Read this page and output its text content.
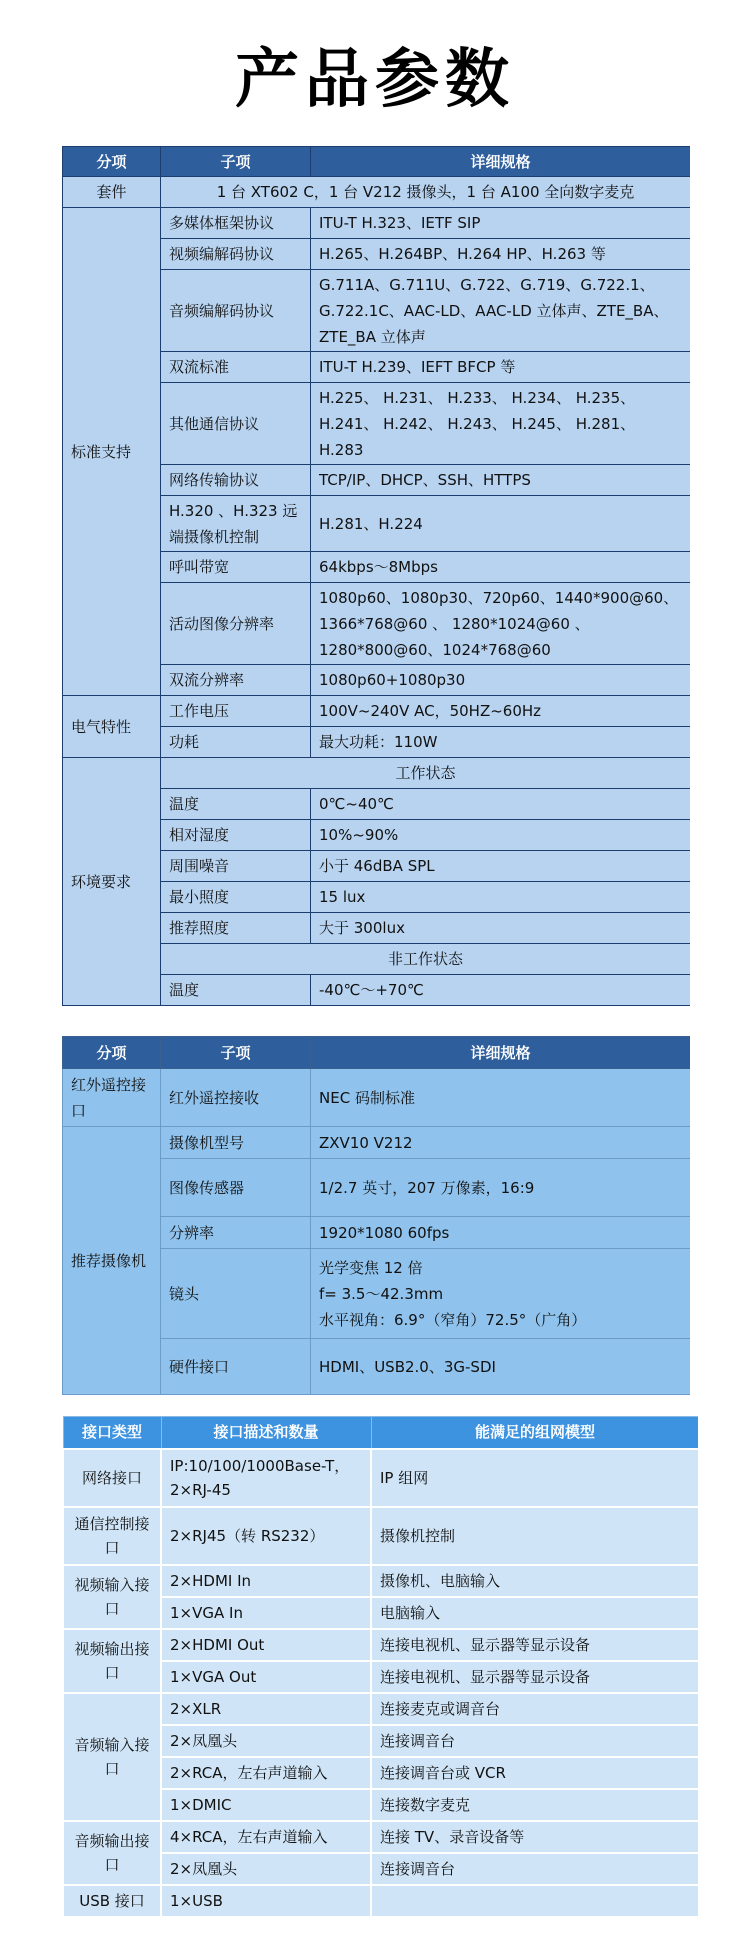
产品参数
分项	子项	详细规格
套件	1 台 XT602 C，1 台 V212 摄像头，1 台 A100 全向数字麦克	
标准支持	多媒体框架协议	ITU-T H.323、IETF SIP
	视频编解码协议	H.265、H.264BP、H.264 HP、H.263 等
	音频编解码协议	G.711A、G.711U、G.722、G.719、G.722.1、G.722.1C、AAC-LD、AAC-LD 立体声、ZTE_BA、ZTE_BA 立体声
	双流标准	ITU-T H.239、IEFT BFCP 等
	其他通信协议	H.225、 H.231、 H.233、 H.234、 H.235、 H.241、 H.242、 H.243、 H.245、 H.281、 H.283
	网络传输协议	TCP/IP、DHCP、SSH、HTTPS
	H.320 、H.323 远端摄像机控制	H.281、H.224
	呼叫带宽	64kbps～8Mbps
	活动图像分辨率	1080p60、1080p30、720p60、1440*900@60、1366*768@60 、 1280*1024@60 、1280*800@60、1024*768@60
	双流分辨率	1080p60+1080p30
电气特性	工作电压	100V~240V AC，50HZ~60Hz
	功耗	最大功耗：110W
环境要求	工作状态	
	温度	0℃~40℃
	相对湿度	10%~90%
	周围噪音	小于 46dBA SPL
	最小照度	15 lux
	推荐照度	大于 300lux
	非工作状态	
	温度	-40℃～+70℃
分项	子项	详细规格
红外遥控接口	红外遥控接收	NEC 码制标准
推荐摄像机	摄像机型号	ZXV10 V212
	图像传感器	1/2.7 英寸，207 万像素，16:9
	分辨率	1920*1080 60fps
	镜头	光学变焦 12 倍
f= 3.5～42.3mm
水平视角：6.9°（窄角）72.5°（广角）

	硬件接口	HDMI、USB2.0、3G-SDI
接口类型	接口描述和数量	能满足的组网模型
网络接口	IP:10/100/1000Base-T，2×RJ-45	IP 组网
通信控制接口	2×RJ45（转 RS232）	摄像机控制
视频输入接口	2×HDMI In	摄像机、电脑输入
	1×VGA In	电脑输入
视频输出接口	2×HDMI Out	连接电视机、显示器等显示设备
	1×VGA Out	连接电视机、显示器等显示设备
音频输入接口	2×XLR	连接麦克或调音台
	2×凤凰头	连接调音台
	2×RCA，左右声道输入	连接调音台或 VCR
	1×DMIC	连接数字麦克
音频输出接口	4×RCA，左右声道输入	连接 TV、录音设备等
	2×凤凰头	连接调音台
USB 接口	1×USB	
